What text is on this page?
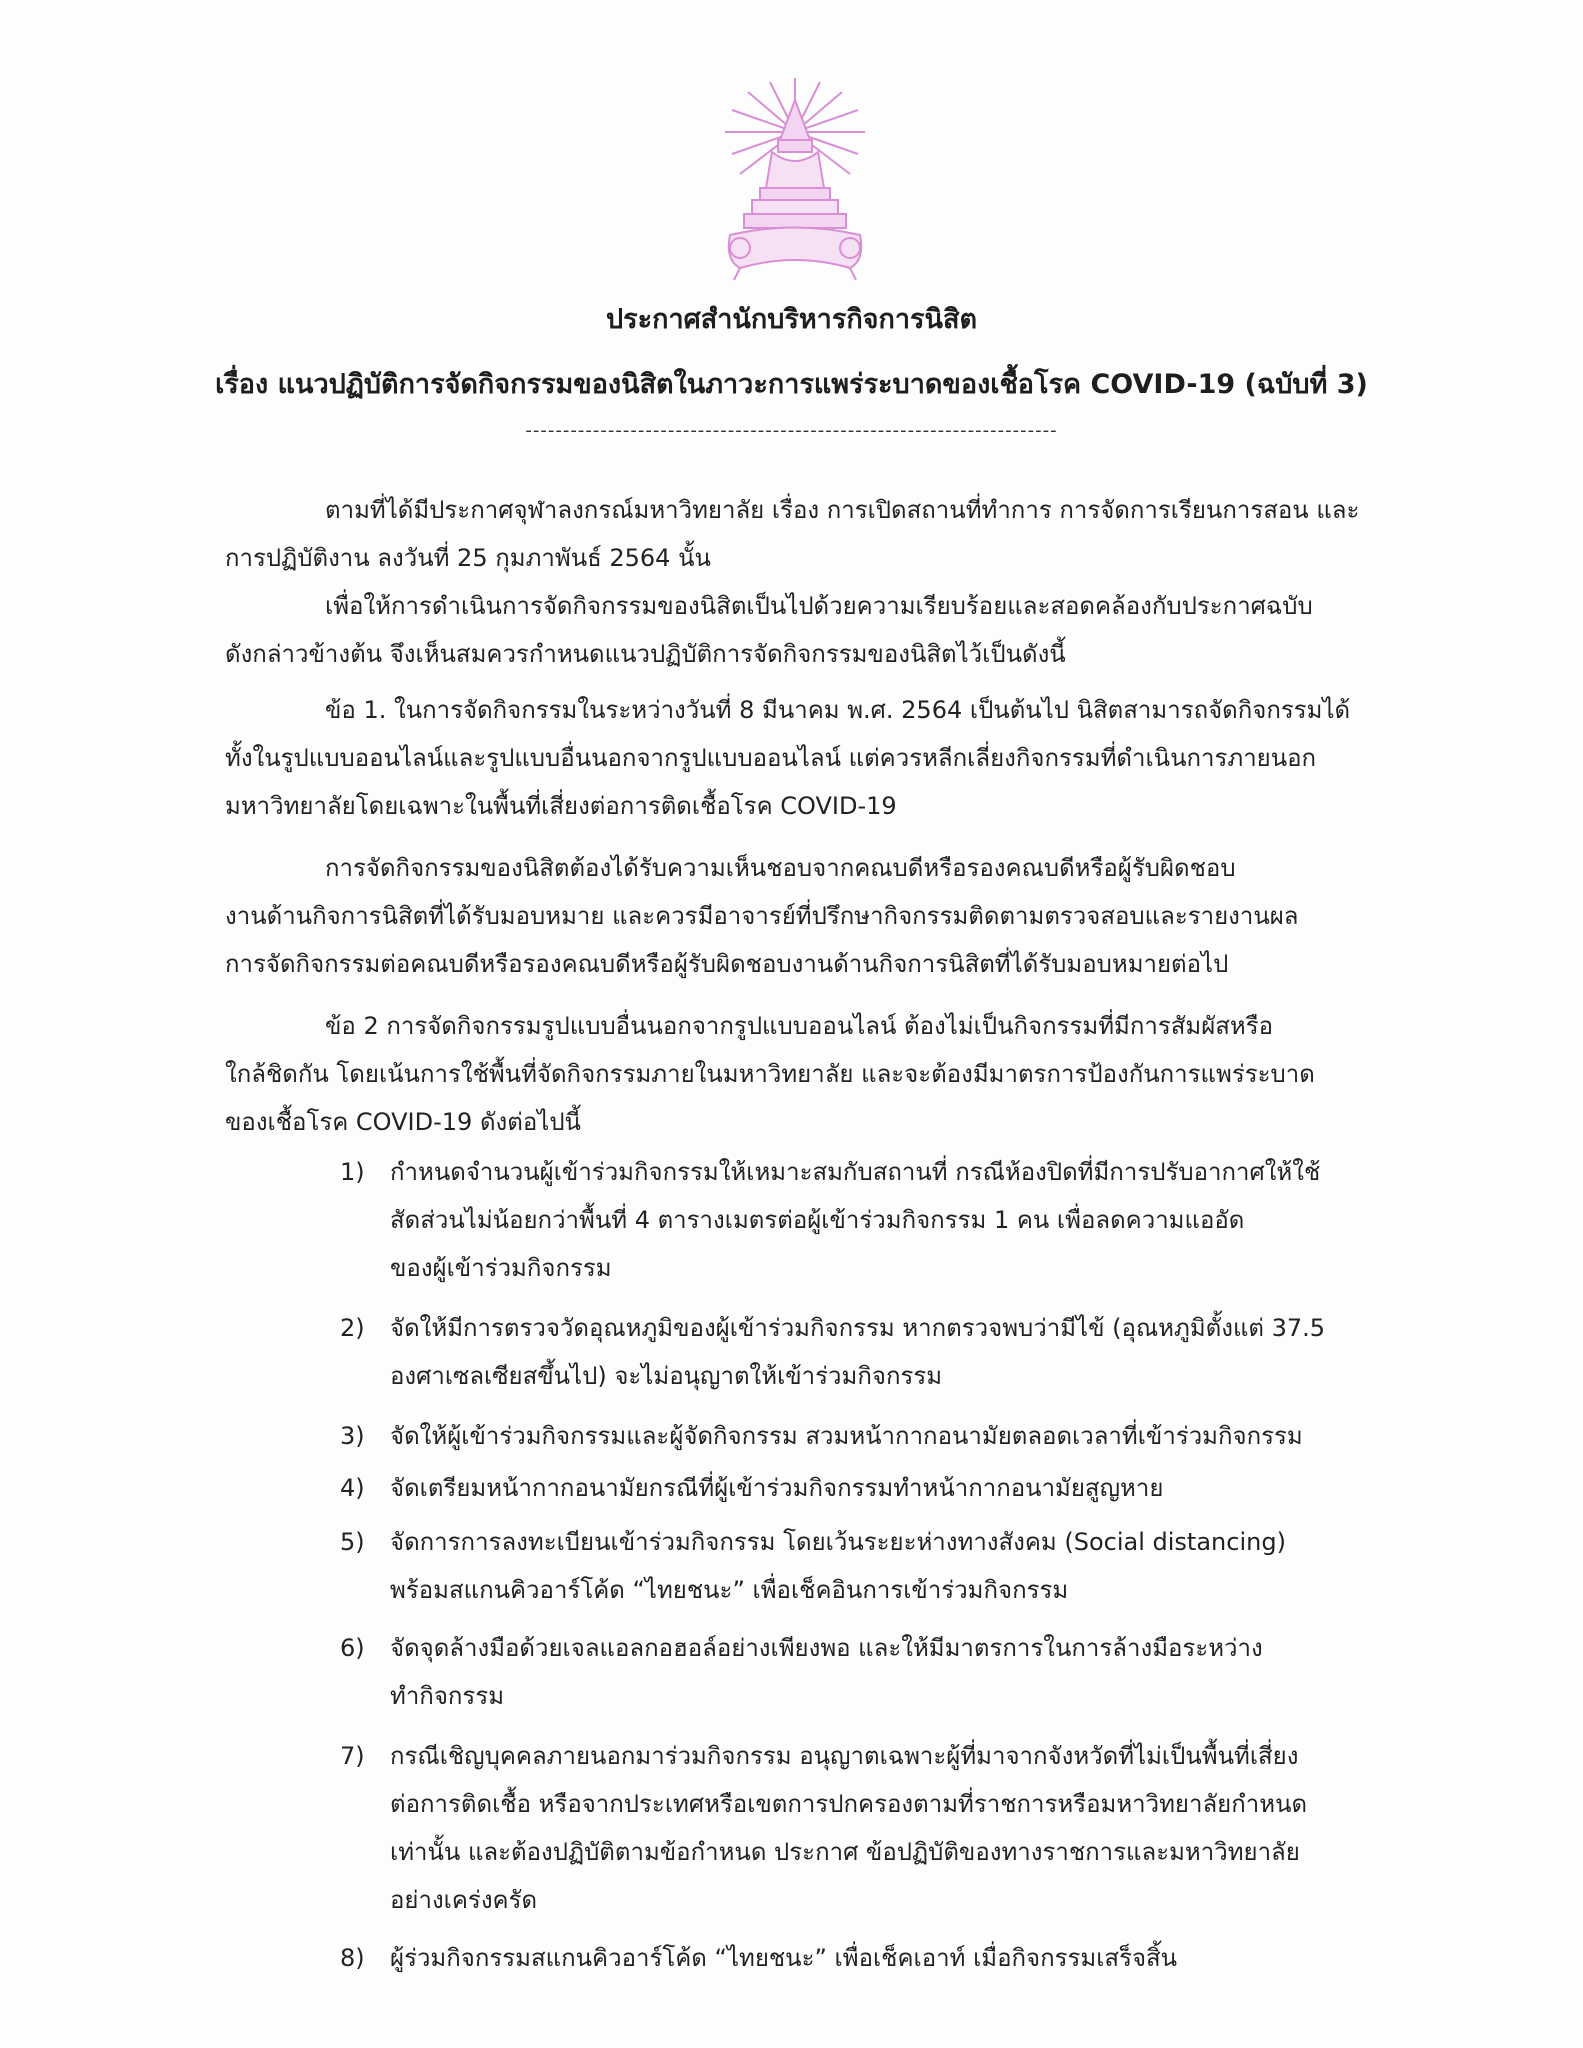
ประกาศสำนักบริหารกิจการนิสิต
เรื่อง แนวปฏิบัติการจัดกิจกรรมของนิสิตในภาวะการแพร่ระบาดของเชื้อโรค COVID-19 (ฉบับที่ 3)
-----------------------------------------------------------------------
ตามที่ได้มีประกาศจุฬาลงกรณ์มหาวิทยาลัย เรื่อง การเปิดสถานที่ทำการ การจัดการเรียนการสอน และ
การปฏิบัติงาน ลงวันที่ 25 กุมภาพันธ์ 2564 นั้น
เพื่อให้การดำเนินการจัดกิจกรรมของนิสิตเป็นไปด้วยความเรียบร้อยและสอดคล้องกับประกาศฉบับ
ดังกล่าวข้างต้น จึงเห็นสมควรกำหนดแนวปฏิบัติการจัดกิจกรรมของนิสิตไว้เป็นดังนี้
ข้อ 1. ในการจัดกิจกรรมในระหว่างวันที่ 8 มีนาคม พ.ศ. 2564 เป็นต้นไป นิสิตสามารถจัดกิจกรรมได้
ทั้งในรูปแบบออนไลน์และรูปแบบอื่นนอกจากรูปแบบออนไลน์ แต่ควรหลีกเลี่ยงกิจกรรมที่ดำเนินการภายนอก
มหาวิทยาลัยโดยเฉพาะในพื้นที่เสี่ยงต่อการติดเชื้อโรค COVID-19
การจัดกิจกรรมของนิสิตต้องได้รับความเห็นชอบจากคณบดีหรือรองคณบดีหรือผู้รับผิดชอบ
งานด้านกิจการนิสิตที่ได้รับมอบหมาย และควรมีอาจารย์ที่ปรึกษากิจกรรมติดตามตรวจสอบและรายงานผล
การจัดกิจกรรมต่อคณบดีหรือรองคณบดีหรือผู้รับผิดชอบงานด้านกิจการนิสิตที่ได้รับมอบหมายต่อไป
ข้อ 2 การจัดกิจกรรมรูปแบบอื่นนอกจากรูปแบบออนไลน์ ต้องไม่เป็นกิจกรรมที่มีการสัมผัสหรือ
ใกล้ชิดกัน โดยเน้นการใช้พื้นที่จัดกิจกรรมภายในมหาวิทยาลัย และจะต้องมีมาตรการป้องกันการแพร่ระบาด
ของเชื้อโรค COVID-19 ดังต่อไปนี้
1) กำหนดจำนวนผู้เข้าร่วมกิจกรรมให้เหมาะสมกับสถานที่ กรณีห้องปิดที่มีการปรับอากาศให้ใช้
สัดส่วนไม่น้อยกว่าพื้นที่ 4 ตารางเมตรต่อผู้เข้าร่วมกิจกรรม 1 คน เพื่อลดความแออัด
ของผู้เข้าร่วมกิจกรรม
2) จัดให้มีการตรวจวัดอุณหภูมิของผู้เข้าร่วมกิจกรรม หากตรวจพบว่ามีไข้ (อุณหภูมิตั้งแต่ 37.5
องศาเซลเซียสขึ้นไป) จะไม่อนุญาตให้เข้าร่วมกิจกรรม
3) จัดให้ผู้เข้าร่วมกิจกรรมและผู้จัดกิจกรรม สวมหน้ากากอนามัยตลอดเวลาที่เข้าร่วมกิจกรรม
4) จัดเตรียมหน้ากากอนามัยกรณีที่ผู้เข้าร่วมกิจกรรมทำหน้ากากอนามัยสูญหาย
5) จัดการการลงทะเบียนเข้าร่วมกิจกรรม โดยเว้นระยะห่างทางสังคม (Social distancing)
พร้อมสแกนคิวอาร์โค้ด “ไทยชนะ” เพื่อเช็คอินการเข้าร่วมกิจกรรม
6) จัดจุดล้างมือด้วยเจลแอลกอฮอล์อย่างเพียงพอ และให้มีมาตรการในการล้างมือระหว่าง
ทำกิจกรรม
7) กรณีเชิญบุคคลภายนอกมาร่วมกิจกรรม อนุญาตเฉพาะผู้ที่มาจากจังหวัดที่ไม่เป็นพื้นที่เสี่ยง
ต่อการติดเชื้อ หรือจากประเทศหรือเขตการปกครองตามที่ราชการหรือมหาวิทยาลัยกำหนด
เท่านั้น และต้องปฏิบัติตามข้อกำหนด ประกาศ ข้อปฏิบัติของทางราชการและมหาวิทยาลัย
อย่างเคร่งครัด
8) ผู้ร่วมกิจกรรมสแกนคิวอาร์โค้ด “ไทยชนะ” เพื่อเช็คเอาท์ เมื่อกิจกรรมเสร็จสิ้น
